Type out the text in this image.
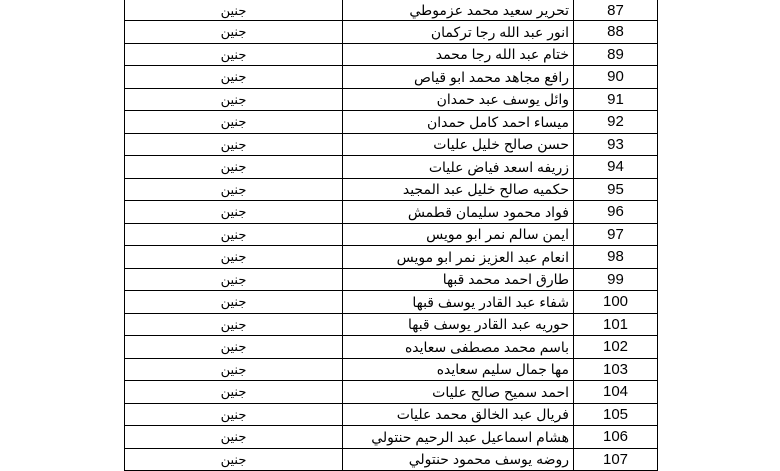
جنين	تحرير سعيد محمد عزموطي	87
جنين	انور عبد الله رجا تركمان	88
جنين	ختام عبد الله رجا محمد	89
جنين	رافع مجاهد محمد ابو قياص	90
جنين	وائل يوسف عبد حمدان	91
جنين	ميساء احمد كامل حمدان	92
جنين	حسن صالح خليل عليات	93
جنين	زريفه اسعد فياض عليات	94
جنين	حكميه صالح خليل عبد المجيد	95
جنين	فواد محمود سليمان قطمش	96
جنين	ايمن سالم نمر ابو مويس	97
جنين	انعام عبد العزيز نمر ابو مويس	98
جنين	طارق احمد محمد قبها	99
جنين	شفاء عبد القادر يوسف قبها	100
جنين	حوريه عبد القادر يوسف قبها	101
جنين	باسم محمد مصطفى سعايده	102
جنين	مها جمال سليم سعايده	103
جنين	احمد سميح صالح عليات	104
جنين	فريال عبد الخالق محمد عليات	105
جنين	هشام اسماعيل عبد الرحيم حنتولي	106
جنين	روضه يوسف محمود حنتولي	107
